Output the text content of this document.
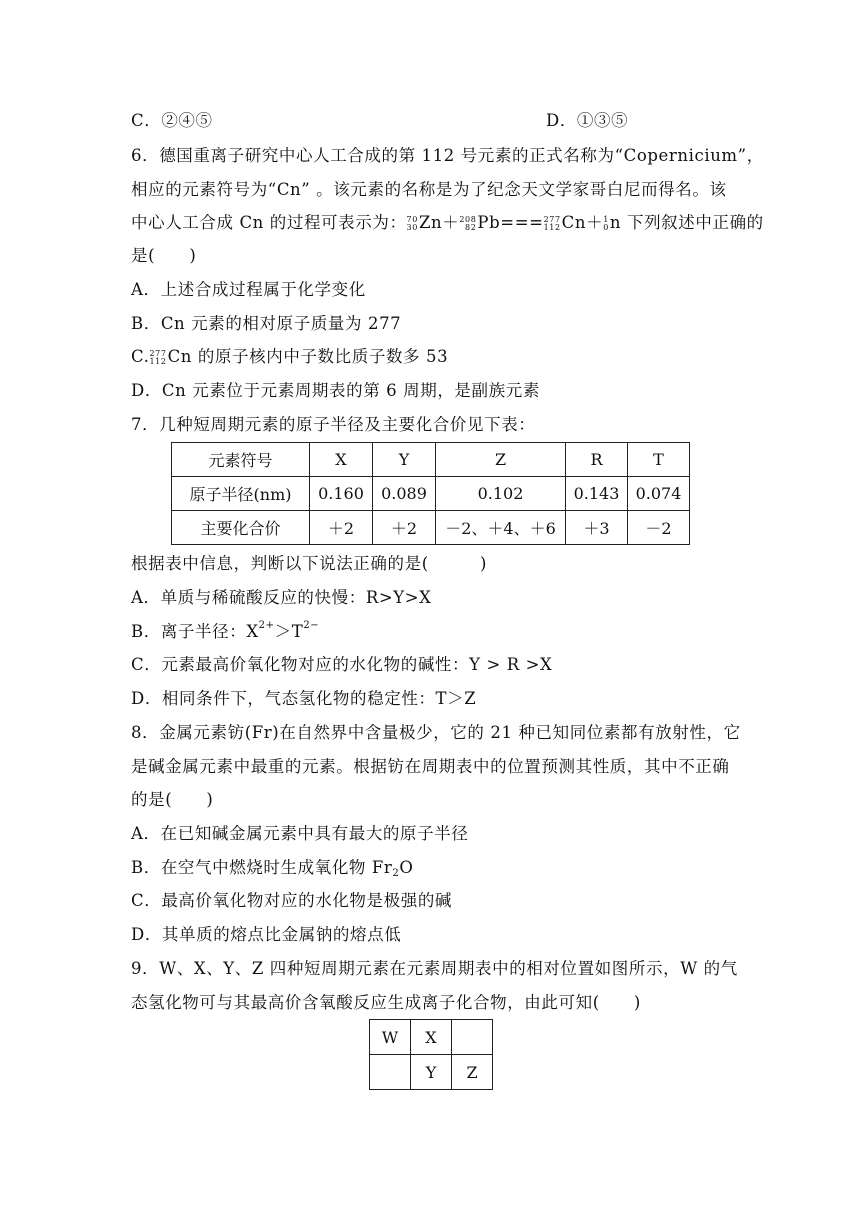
C．②④⑤	D．①③⑤
6．德国重离子研究中心人工合成的第 112 号元素的正式名称为“Copernicium”，
相应的元素符号为“Cn” 。该元素的名称是为了纪念天文学家哥白尼而得名。该
中心人工合成 Cn 的过程可表示为： 70
30 Zn＋ 208
82 Pb=== 277
112 Cn＋ 1
0 n 下列叙述中正确的
是(　　)
A．上述合成过程属于化学变化
B．Cn 元素的相对原子质量为 277
C. 277
112 Cn 的原子核内中子数比质子数多 53
D．Cn 元素位于元素周期表的第 6 周期，是副族元素
7．几种短周期元素的原子半径及主要化合价见下表：
元素符号	X	Y	Z	R	T
原子半径(nm)	0.160	0.089	0.102	0.143	0.074
主要化合价	＋2	＋2	－2、＋4、＋6	＋3	－2
根据表中信息，判断以下说法正确的是(　　　)
A．单质与稀硫酸反应的快慢：R>Y>X
B．离子半径：$X^{2+}>T^{2-}$
C．元素最高价氧化物对应的水化物的碱性：Y > R >X
D．相同条件下，气态氢化物的稳定性：T＞Z
8．金属元素钫(Fr)在自然界中含量极少，它的 21 种已知同位素都有放射性，它
是碱金属元素中最重的元素。根据钫在周期表中的位置预测其性质，其中不正确
的是(　　)
A．在已知碱金属元素中具有最大的原子半径
B．在空气中燃烧时生成氧化物 Fr2O
C．最高价氧化物对应的水化物是极强的碱
D．其单质的熔点比金属钠的熔点低
9．W、X、Y、Z 四种短周期元素在元素周期表中的相对位置如图所示，W 的气
态氢化物可与其最高价含氧酸反应生成离子化合物，由此可知(　　)
W	X	
	Y	Z
